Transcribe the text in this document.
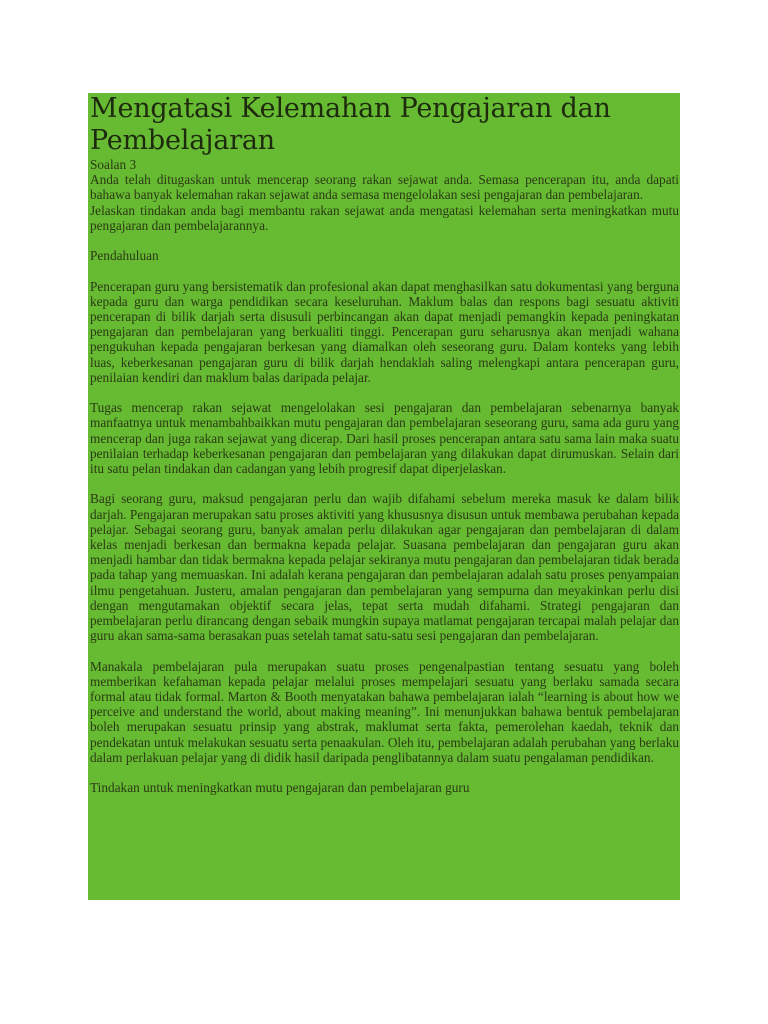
Mengatasi Kelemahan Pengajaran dan Pembelajaran
Soalan 3
Anda telah ditugaskan untuk mencerap seorang rakan sejawat anda. Semasa pencerapan itu, anda dapati bahawa banyak kelemahan rakan sejawat anda semasa mengelolakan sesi pengajaran dan pembelajaran.
Jelaskan tindakan anda bagi membantu rakan sejawat anda mengatasi kelemahan serta meningkatkan mutu pengajaran dan pembelajarannya.

Pendahuluan

Pencerapan guru yang bersistematik dan profesional akan dapat menghasilkan satu dokumentasi yang berguna kepada guru dan warga pendidikan secara keseluruhan. Maklum balas dan respons bagi sesuatu aktiviti pencerapan di bilik darjah serta disusuli perbincangan akan dapat menjadi pemangkin kepada peningkatan pengajaran dan pembelajaran yang berkualiti tinggi. Pencerapan guru seharusnya akan menjadi wahana pengukuhan kepada pengajaran berkesan yang diamalkan oleh seseorang guru. Dalam konteks yang lebih luas, keberkesanan pengajaran guru di bilik darjah hendaklah saling melengkapi antara pencerapan guru, penilaian kendiri dan maklum balas daripada pelajar.

Tugas mencerap rakan sejawat mengelolakan sesi pengajaran dan pembelajaran sebenarnya banyak manfaatnya untuk menambahbaikkan mutu pengajaran dan pembelajaran seseorang guru, sama ada guru yang mencerap dan juga rakan sejawat yang dicerap. Dari hasil proses pencerapan antara satu sama lain maka suatu penilaian terhadap keberkesanan pengajaran dan pembelajaran yang dilakukan dapat dirumuskan. Selain dari itu satu pelan tindakan dan cadangan yang lebih progresif dapat diperjelaskan.

Bagi seorang guru, maksud pengajaran perlu dan wajib difahami sebelum mereka masuk ke dalam bilik darjah. Pengajaran merupakan satu proses aktiviti yang khususnya disusun untuk membawa perubahan kepada pelajar. Sebagai seorang guru, banyak amalan perlu dilakukan agar pengajaran dan pembelajaran di dalam kelas menjadi berkesan dan bermakna kepada pelajar. Suasana pembelajaran dan pengajaran guru akan menjadi hambar dan tidak bermakna kepada pelajar sekiranya mutu pengajaran dan pembelajaran tidak berada pada tahap yang memuaskan. Ini adalah kerana pengajaran dan pembelajaran adalah satu proses penyampaian ilmu pengetahuan. Justeru, amalan pengajaran dan pembelajaran yang sempurna dan meyakinkan perlu disi dengan mengutamakan objektif secara jelas, tepat serta mudah difahami. Strategi pengajaran dan pembelajaran perlu dirancang dengan sebaik mungkin supaya matlamat pengajaran tercapai malah pelajar dan guru akan sama-sama berasakan puas setelah tamat satu-satu sesi pengajaran dan pembelajaran.

Manakala pembelajaran pula merupakan suatu proses pengenalpastian tentang sesuatu yang boleh memberikan kefahaman kepada pelajar melalui proses mempelajari sesuatu yang berlaku samada secara formal atau tidak formal. Marton & Booth menyatakan bahawa pembelajaran ialah “learning is about how we perceive and understand the world, about making meaning”. Ini menunjukkan bahawa bentuk pembelajaran boleh merupakan sesuatu prinsip yang abstrak, maklumat serta fakta, pemerolehan kaedah, teknik dan pendekatan untuk melakukan sesuatu serta penaakulan. Oleh itu, pembelajaran adalah perubahan yang berlaku dalam perlakuan pelajar yang di didik hasil daripada penglibatannya dalam suatu pengalaman pendidikan.

Tindakan untuk meningkatkan mutu pengajaran dan pembelajaran guru
